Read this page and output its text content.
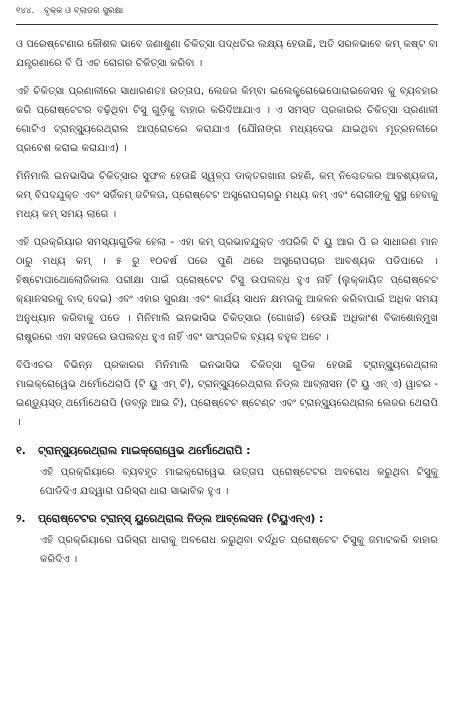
୧୪୪. ବୃକ୍କ ଓ ବ୍ଲାଡର ସୁରକ୍ଷା

ଓ ପରେଷ୍ଟେଣାର କୌଶଳ ଭାବେ ଜଣାଶୁଣା ଚିକିତ୍ସା ପଦ୍ଧତିର ଲକ୍ଷ୍ୟ ହେଉଛି, ଅତି ସରଳଭାବେ କମ୍ କଷ୍ଟ ବା ଯନ୍ତ୍ରଣାରେ ବି ପି ଏଚ ରୋଗର ଚିକିତ୍ସା କରିବା ।

ଏହି ଚିକିତ୍ସା ପ୍ରଣାଳୀରେ ସାଧାରଣତଃ ଉତ୍ତାପ, ଲେଜର କିମ୍ବା ଇଲେକ୍ଟ୍ରୋଭେପୋରାଇଜେସନ କୁ ବ୍ୟବହାର କରି ପ୍ରୋଷ୍ଟେଟର ବଢ଼ିଥିବା ଟିସୁ ଗୁଡ଼ିକୁ ବାହାର କରିଦିଆଯାଏ । ଏ ସମସ୍ତ ପ୍ରକାରର ଚିକିତ୍ସା ପ୍ରଣାଳୀ ଗୋଟିଏ ଟ୍ରାନ୍ସ୍ୟୁରେଥ୍ରାଲ ଆପ୍ରୋଚରେ କରାଯାଏ (ଯୌନାଙ୍ଗ ମଧ୍ୟଦେଇ ଯାଇଥିବା ମୂତ୍ରନଳୀରେ ପ୍ରବେଶ କରାଇ କରାଯାଏ) ।

ମିନିମାଲି ଇନଭାସିଭ ଚିକିତ୍ସାର ସୁଫଳ ହେଉଛି ସ୍ୱଳ୍ପ ଡାକ୍ତରଖାନା ରହଣି, କମ୍ ନିଶ୍ଚେତକର ଆବଶ୍ୟକତା, କମ୍ ବିପଦଯୁକ୍ତ ଏବଂ ସର୍ଜିକମ୍ ଜଟିଳତା, ପ୍ରୋଷ୍ଟେଟ ଅସ୍ତ୍ରୋପଚାରରୁ ମଧ୍ୟ କମ୍ ଏବଂ ରୋଗୀଙ୍କୁ ସୁସ୍ଥ ହେବାକୁ ମଧ୍ୟ କମ୍ ସମୟ ଲାଗେ ।

ଏହି ପ୍ରକ୍ରିୟାର ସମସ୍ୟାଗୁଡିକ ହେଲା - ଏହା କମ୍ ପ୍ରଭାବଯୁକ୍ତ ଏପରିକି ଟି ୟୁ ଆର ପି ର ସାଧାରଣ ମାନ ଠାରୁ ମଧ୍ୟ କମ୍ । ୫ ରୁ ୧୦ବର୍ଷ ପରେ ପୁଣି ଥରେ ଅସ୍ତ୍ରୋପଚାର ଆବଶ୍ୟକ ପଡିପାରେ । ହିଷ୍ଟୋପାଥୋଲୋଜିକାଲ ପରୀକ୍ଷା ପାଇଁ ପ୍ରୋଷ୍ଟେଟ ଟିସୁ ଉପଲବ୍ଧ ହୁଏ ନାହିଁ (ଲୁକ୍କାୟିତ ପ୍ରୋଷ୍ଟେଟ କ୍ୟାନସରକୁ ବାଦ୍ ଦେଇ) ଏବଂ ଏହାର ସୁରକ୍ଷା ଏବଂ କାର୍ଯ୍ୟ ସାଧନ କ୍ଷମତାକୁ ଆକଳନ କରିବାପାଇଁ ଅଧିକ ସମୟ ଅନୁଧ୍ୟାନ କରିବାକୁ ପଡେ । ମିନିମାଲି ଇନଭାସିଭ ଚିକିତ୍ସାର (ଗୋଖର୍ଚ୍ଚ) ହେଉଛି ଅଧିକାଂଶ ବିକାଶୋନ୍ମୁଖ ରାଷ୍ଟ୍ରରେ ଏହା ସହଜରେ ଉପଲବ୍ଧ ହୁଏ ନାହିଁ ଏବଂ ସାଂପ୍ରତିକ ବ୍ୟୟ ବହୁଳ ଅଟେ ।

ବିପିଏଚର ବିଭିନ୍ନ ପ୍ରକାରର ମିନିମାଲି ଇନଭାସିଭ ଚିକିତ୍ସା ଗୁଡିକ ହେଉଛି ଟ୍ରାନ୍ସ୍ୟୁରେଥ୍ରାଲ ମାଇକ୍ରୋୱେଭ ଥର୍ମୋଥେରାପି (ଟି ୟୁ ଏମ୍ ଟି), ଟ୍ରାନ୍ସ୍ୟୁରେଥ୍ରାଲ ନିଡ୍ଲ ଆବ୍ଲାସନ (ଟି ୟୁ ଏନ୍ ଏ) ୱାଟର - ଇଣ୍ଡ୍ୟୁସ୍ଡ୍ ଥର୍ମୋଥେରାପି (ଡବ୍ଲୁ ଆଇ ଟି), ପ୍ରୋଷ୍ଟେଟ ଷ୍ଟେଣ୍ଟ ଏବଂ ଟ୍ରାନ୍ସ୍ୟୁରେଥ୍ରାଲ ଲେଜର ଥେରାପି ।

୧.	ଟ୍ରାନ୍ସ୍ୟୁରେଥ୍ରାଲ ମାଇକ୍ରୋୱେଭ ଥର୍ମୋଥେରାପି :

ଏହି ପ୍ରକ୍ରିୟାରେ ବ୍ୟବହୃତ ମାଇକ୍ରୋୱେଭ ଉତ୍ତାପ ପ୍ରୋଷ୍ଟେଟର ଅବରୋଧ କରୁଥିବା ଟିସୁକୁ ପୋଡିଦିଏ ଯଦ୍ୱାରା ପରିସ୍ରା ଧାରା ସାଭାବିକ ହୁଏ ।

୨.	ପ୍ରୋଷ୍ଟେଟର ଟ୍ରାନ୍ସ୍ ୟୁରେଥ୍ରାଲ ନିଡ୍ଲ ଆବ୍ଲେସନ (ଟିୟୁଏନ୍ଏ) :

ଏହି ପ୍ରକ୍ରିୟାରେ ପରିସ୍ରା ଧାରାକୁ ଅବରୋଧ କରୁଥିବା ବର୍ଦ୍ଧିତ ପ୍ରୋଷ୍ଟେଟ ଟିସୁକୁ ଜମାଟକରି ବାହାର କରିଦିଏ ।
